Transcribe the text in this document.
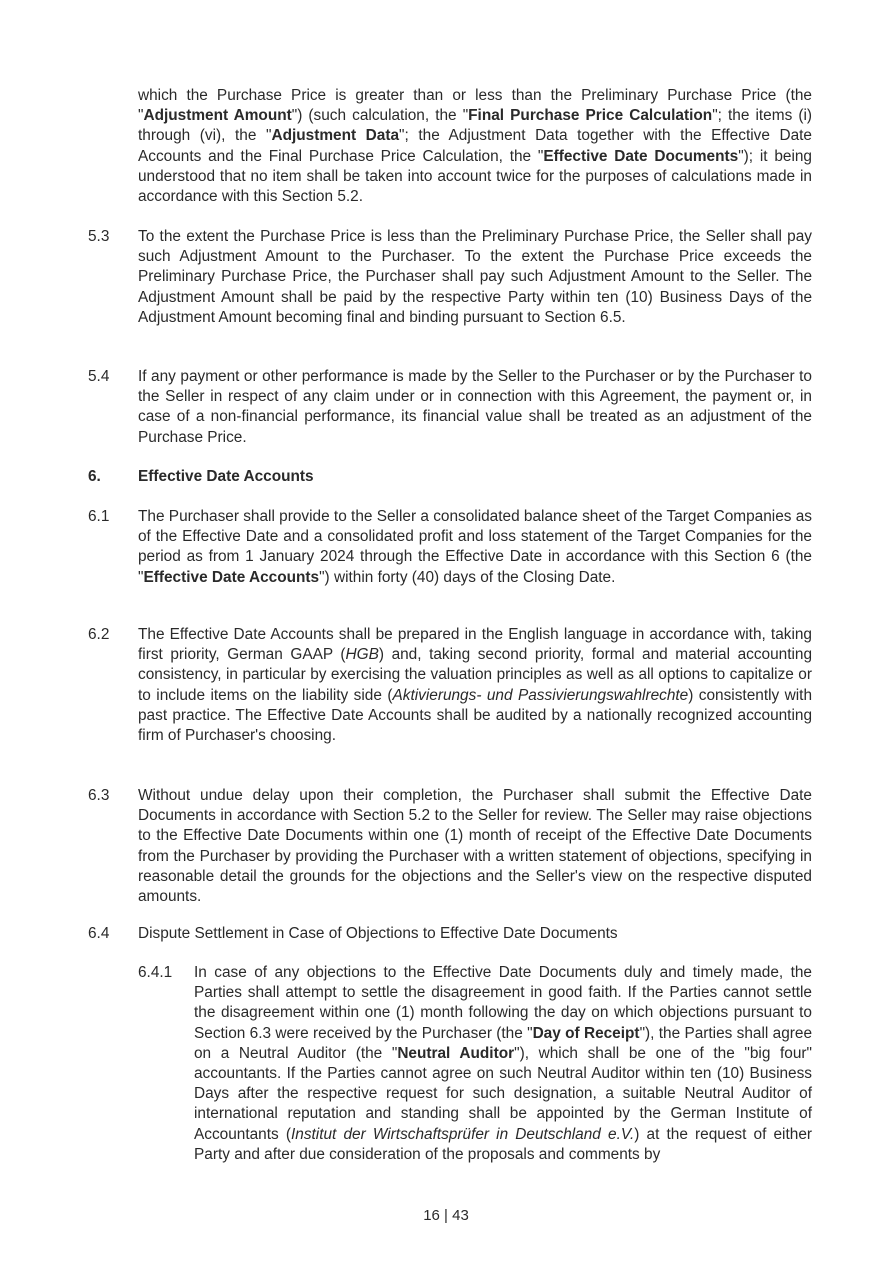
which the Purchase Price is greater than or less than the Preliminary Purchase Price (the "Adjustment Amount") (such calculation, the "Final Purchase Price Calculation"; the items (i) through (vi), the "Adjustment Data"; the Adjustment Data together with the Effective Date Accounts and the Final Purchase Price Calculation, the "Effective Date Documents"); it being understood that no item shall be taken into account twice for the purposes of calculations made in accordance with this Section 5.2.
5.3 To the extent the Purchase Price is less than the Preliminary Purchase Price, the Seller shall pay such Adjustment Amount to the Purchaser. To the extent the Purchase Price exceeds the Preliminary Purchase Price, the Purchaser shall pay such Adjustment Amount to the Seller. The Adjustment Amount shall be paid by the respective Party within ten (10) Business Days of the Adjustment Amount becoming final and binding pursuant to Section 6.5.
5.4 If any payment or other performance is made by the Seller to the Purchaser or by the Purchaser to the Seller in respect of any claim under or in connection with this Agreement, the payment or, in case of a non-financial performance, its financial value shall be treated as an adjustment of the Purchase Price.
6. Effective Date Accounts
6.1 The Purchaser shall provide to the Seller a consolidated balance sheet of the Target Companies as of the Effective Date and a consolidated profit and loss statement of the Target Companies for the period as from 1 January 2024 through the Effective Date in accordance with this Section 6 (the "Effective Date Accounts") within forty (40) days of the Closing Date.
6.2 The Effective Date Accounts shall be prepared in the English language in accordance with, taking first priority, German GAAP (HGB) and, taking second priority, formal and material accounting consistency, in particular by exercising the valuation principles as well as all options to capitalize or to include items on the liability side (Aktivierungs- und Passivierungswahlrechte) consistently with past practice. The Effective Date Accounts shall be audited by a nationally recognized accounting firm of Purchaser's choosing.
6.3 Without undue delay upon their completion, the Purchaser shall submit the Effective Date Documents in accordance with Section 5.2 to the Seller for review. The Seller may raise objections to the Effective Date Documents within one (1) month of receipt of the Effective Date Documents from the Purchaser by providing the Purchaser with a written statement of objections, specifying in reasonable detail the grounds for the objections and the Seller's view on the respective disputed amounts.
6.4 Dispute Settlement in Case of Objections to Effective Date Documents
6.4.1 In case of any objections to the Effective Date Documents duly and timely made, the Parties shall attempt to settle the disagreement in good faith. If the Parties cannot settle the disagreement within one (1) month following the day on which objections pursuant to Section 6.3 were received by the Purchaser (the "Day of Receipt"), the Parties shall agree on a Neutral Auditor (the "Neutral Auditor"), which shall be one of the "big four" accountants. If the Parties cannot agree on such Neutral Auditor within ten (10) Business Days after the respective request for such designation, a suitable Neutral Auditor of international reputation and standing shall be appointed by the German Institute of Accountants (Institut der Wirtschaftsprüfer in Deutschland e.V.) at the request of either Party and after due consideration of the proposals and comments by
16 | 43
